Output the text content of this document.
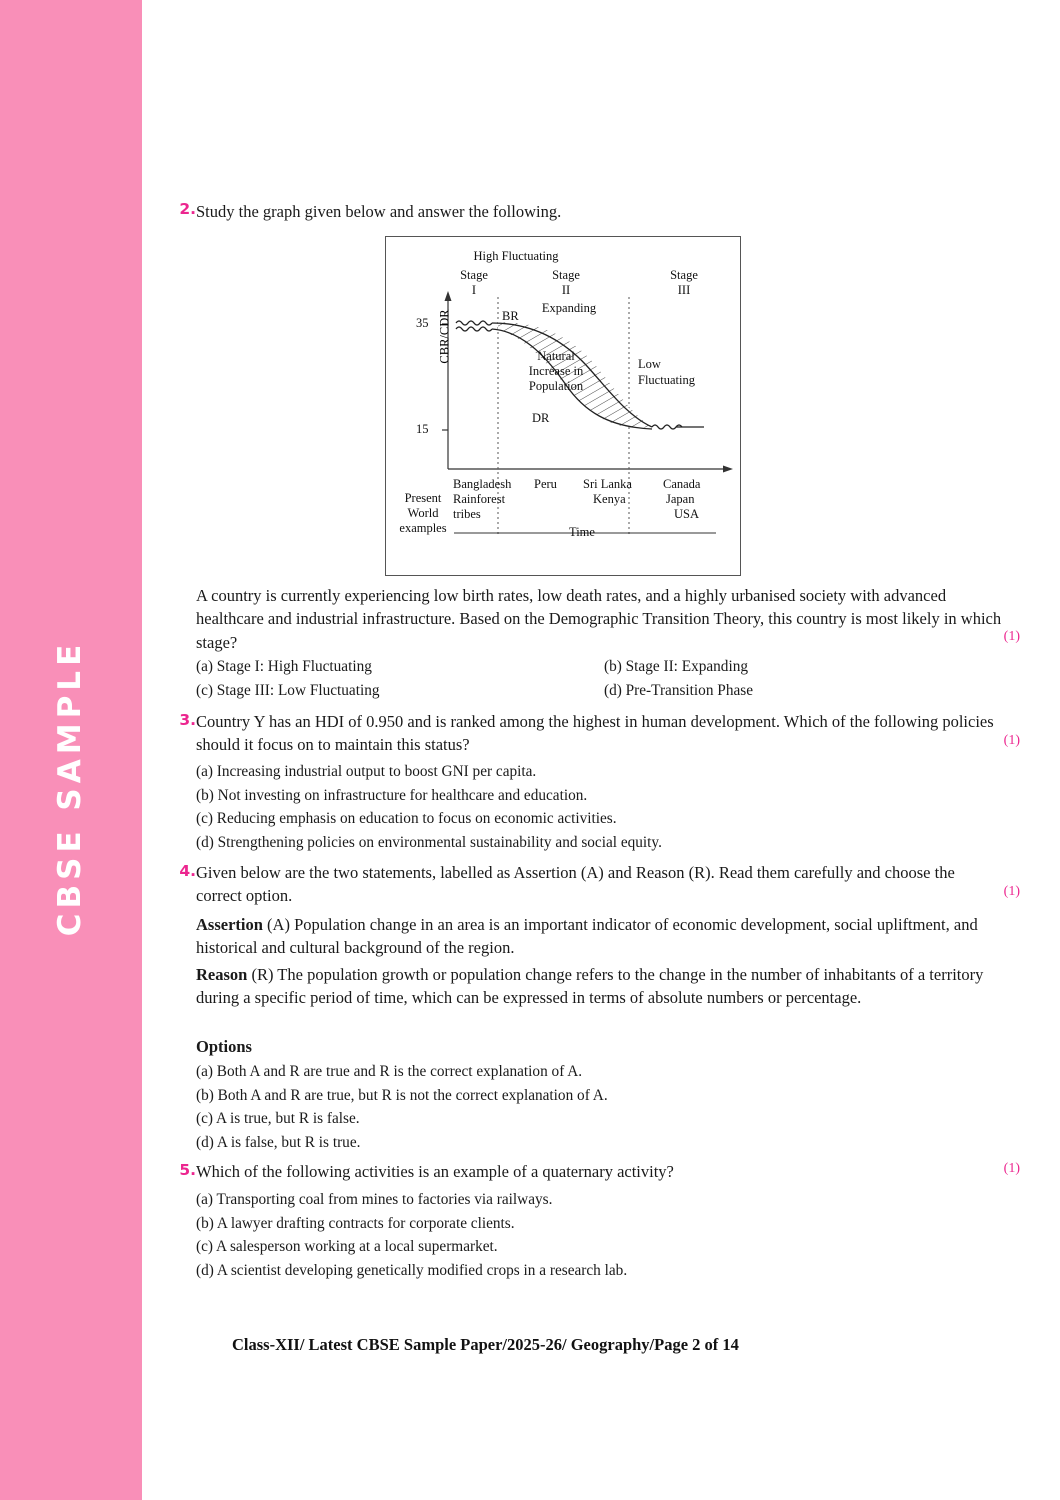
CBSE SAMPLE
2. Study the graph given below and answer the following.
High Fluctuating
Stage
I
Stage
II
Expanding
Stage
III
Low
Fluctuating
CBR/CDR
35
15
BR
DR
Natural
Increase in
Population
Present
World
examples
Bangladesh
Rainforest
tribes
Peru Sri Lanka
Kenya
Canada
Japan
USA
Time
A country is currently experiencing low birth rates, low death rates, and a highly urbanised society with advanced healthcare and industrial infrastructure. Based on the Demographic Transition Theory, this country is most likely in which stage?	(1)
(a) Stage I: High Fluctuating	(b) Stage II: Expanding
(c) Stage III: Low Fluctuating	(d) Pre-Transition Phase
3. Country Y has an HDI of 0.950 and is ranked among the highest in human development. Which of the following policies should it focus on to maintain this status?	(1)
(a) Increasing industrial output to boost GNI per capita.
(b) Not investing on infrastructure for healthcare and education.
(c) Reducing emphasis on education to focus on economic activities.
(d) Strengthening policies on environmental sustainability and social equity.
4. Given below are the two statements, labelled as Assertion (A) and Reason (R). Read them carefully and choose the correct option.	(1)
Assertion (A) Population change in an area is an important indicator of economic development, social upliftment, and historical and cultural background of the region.
Reason (R) The population growth or population change refers to the change in the number of inhabitants of a territory during a specific period of time, which can be expressed in terms of absolute numbers or percentage.
Options
(a) Both A and R are true and R is the correct explanation of A.
(b) Both A and R are true, but R is not the correct explanation of A.
(c) A is true, but R is false.
(d) A is false, but R is true.
5. Which of the following activities is an example of a quaternary activity?	(1)
(a) Transporting coal from mines to factories via railways.
(b) A lawyer drafting contracts for corporate clients.
(c) A salesperson working at a local supermarket.
(d) A scientist developing genetically modified crops in a research lab.
Class-XII/ Latest CBSE Sample Paper/2025-26/ Geography/Page 2 of 14
